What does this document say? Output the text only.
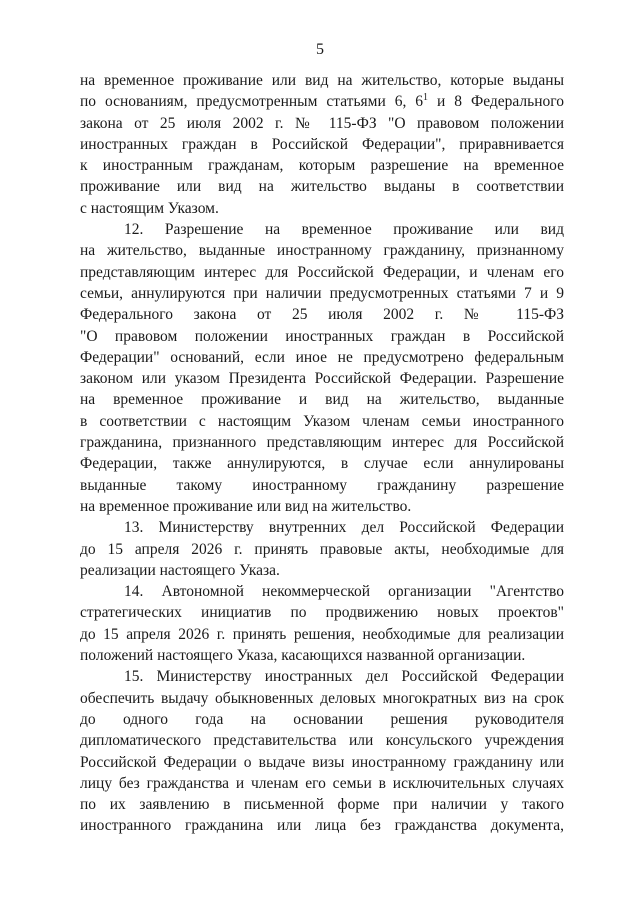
5
на временное проживание или вид на жительство, которые выданы
по основаниям, предусмотренным статьями 6, $6^1$ и 8 Федерального
закона от 25 июля 2002 г. № 115-ФЗ "О правовом положении
иностранных граждан в Российской Федерации", приравнивается
к иностранным гражданам, которым разрешение на временное
проживание или вид на жительство выданы в соответствии
с настоящим Указом.
12. Разрешение на временное проживание или вид
на жительство, выданные иностранному гражданину, признанному
представляющим интерес для Российской Федерации, и членам его
семьи, аннулируются при наличии предусмотренных статьями 7 и 9
Федерального закона от 25 июля 2002 г. № 115-ФЗ
"О правовом положении иностранных граждан в Российской
Федерации" оснований, если иное не предусмотрено федеральным
законом или указом Президента Российской Федерации. Разрешение
на временное проживание и вид на жительство, выданные
в соответствии с настоящим Указом членам семьи иностранного
гражданина, признанного представляющим интерес для Российской
Федерации, также аннулируются, в случае если аннулированы
выданные такому иностранному гражданину разрешение
на временное проживание или вид на жительство.
13. Министерству внутренних дел Российской Федерации
до 15 апреля 2026 г. принять правовые акты, необходимые для
реализации настоящего Указа.
14. Автономной некоммерческой организации "Агентство
стратегических инициатив по продвижению новых проектов"
до 15 апреля 2026 г. принять решения, необходимые для реализации
положений настоящего Указа, касающихся названной организации.
15. Министерству иностранных дел Российской Федерации
обеспечить выдачу обыкновенных деловых многократных виз на срок
до одного года на основании решения руководителя
дипломатического представительства или консульского учреждения
Российской Федерации о выдаче визы иностранному гражданину или
лицу без гражданства и членам его семьи в исключительных случаях
по их заявлению в письменной форме при наличии у такого
иностранного гражданина или лица без гражданства документа,
